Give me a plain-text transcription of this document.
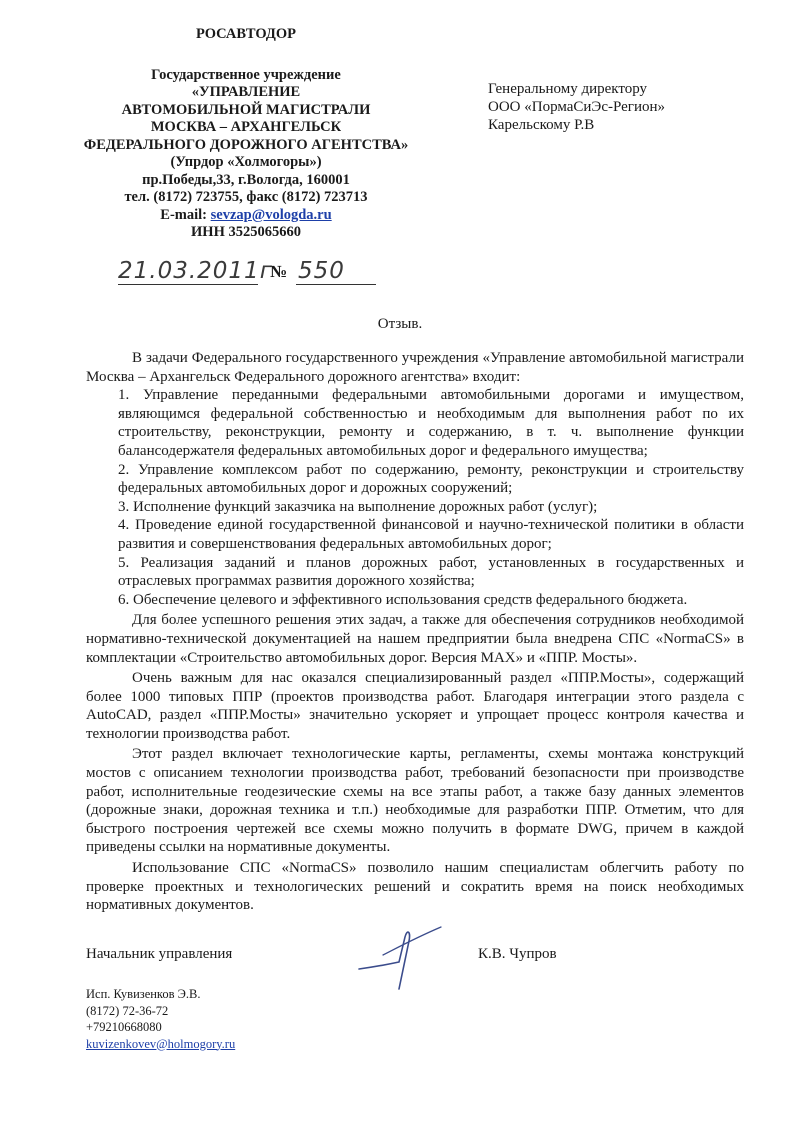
РОСАВТОДОР
Государственное учреждение
«УПРАВЛЕНИЕ
АВТОМОБИЛЬНОЙ МАГИСТРАЛИ
МОСКВА – АРХАНГЕЛЬСК
ФЕДЕРАЛЬНОГО ДОРОЖНОГО АГЕНТСТВА»
(Упрдор «Холмогоры»)
пр.Победы,33, г.Вологда, 160001
тел. (8172) 723755, факс (8172) 723713
E-mail: sevzap@vologda.ru
ИНН 3525065660
Генеральному директору
ООО «ПормаСиЭс-Регион»
Карельскому Р.В
21.03.2011г
№ 550
Отзыв.

В задачи Федерального государственного учреждения «Управление автомобильной магистрали Москва – Архангельск Федерального дорожного агентства» входит:

1. Управление переданными федеральными автомобильными дорогами и имуществом, являющимся федеральной собственностью и необходимым для выполнения работ по их строительству, реконструкции, ремонту и содержанию, в т. ч. выполнение функции балансодержателя федеральных автомобильных дорог и федерального имущества;

2. Управление комплексом работ по содержанию, ремонту, реконструкции и строительству федеральных автомобильных дорог и дорожных сооружений;

3. Исполнение функций заказчика на выполнение дорожных работ (услуг);

4. Проведение единой государственной финансовой и научно-технической политики в области развития и совершенствования федеральных автомобильных дорог;

5. Реализация заданий и планов дорожных работ, установленных в государственных и отраслевых программах развития дорожного хозяйства;

6. Обеспечение целевого и эффективного использования средств федерального бюджета.

Для более успешного решения этих задач, а также для обеспечения сотрудников необходимой нормативно-технической документацией на нашем предприятии была внедрена СПС «NormaCS» в комплектации «Строительство автомобильных дорог. Версия MAX» и «ППР. Мосты».

Очень важным для нас оказался специализированный раздел «ППР.Мосты», содержащий более 1000 типовых ППР (проектов производства работ. Благодаря интеграции этого раздела с AutoCAD, раздел «ППР.Мосты» значительно ускоряет и упрощает процесс контроля качества и технологии производства работ.

Этот раздел включает технологические карты, регламенты, схемы монтажа конструкций мостов с описанием технологии производства работ, требований безопасности при производстве работ, исполнительные геодезические схемы на все этапы работ, а также базу данных элементов (дорожные знаки, дорожная техника и т.п.) необходимые для разработки ППР. Отметим, что для быстрого построения чертежей все схемы можно получить в формате DWG, причем в каждой приведены ссылки на нормативные документы.

Использование СПС «NormaCS» позволило нашим специалистам облегчить работу по проверке проектных и технологических решений и сократить время на поиск необходимых нормативных документов.

Начальник управления	К.В. Чупров
Исп. Кувизенков Э.В.
(8172) 72-36-72
+79210668080
kuvizenkovev@holmogory.ru
